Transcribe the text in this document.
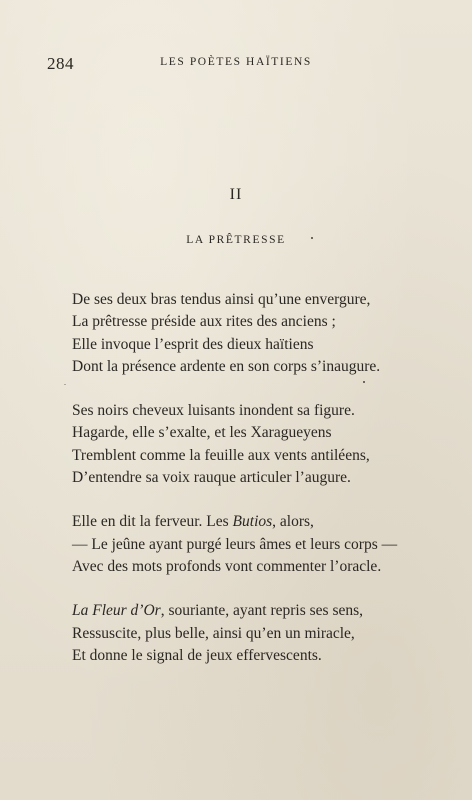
284	LES POÈTES HAÏTIENS
II
LA PRÊTRESSE
De ses deux bras tendus ainsi qu’une envergure,
La prêtresse préside aux rites des anciens ;
Elle invoque l’esprit des dieux haïtiens
Dont la présence ardente en son corps s’inaugure.
Ses noirs cheveux luisants inondent sa figure.
Hagarde, elle s’exalte, et les Xaragueyens
Tremblent comme la feuille aux vents antiléens,
D’entendre sa voix rauque articuler l’augure.
Elle en dit la ferveur. Les Butios, alors,
— Le jeûne ayant purgé leurs âmes et leurs corps —
Avec des mots profonds vont commenter l’oracle.
La Fleur d’Or, souriante, ayant repris ses sens,
Ressuscite, plus belle, ainsi qu’en un miracle,
Et donne le signal de jeux effervescents.
